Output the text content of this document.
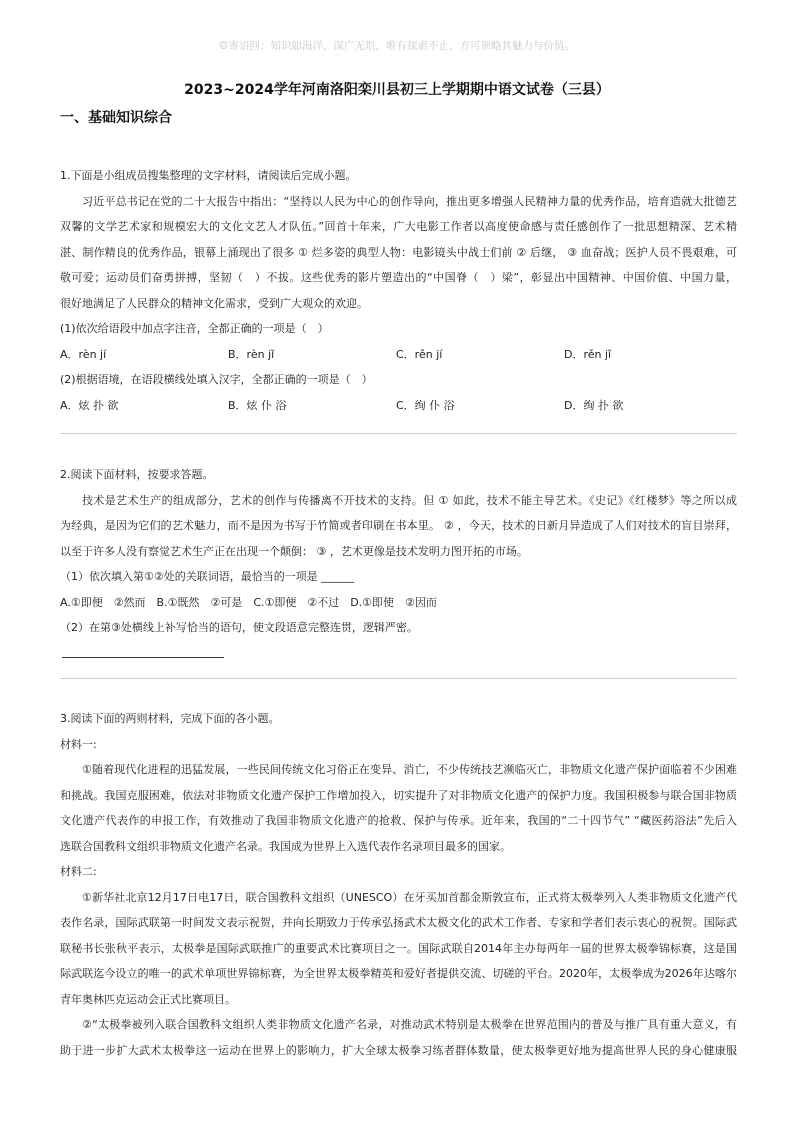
☺寄语回：知识如海洋，深广无垠，唯有探索不止，方可领略其魅力与价值。
2023~2024学年河南洛阳栾川县初三上学期期中语文试卷（三县）
一、基础知识综合
1.下面是小组成员搜集整理的文字材料，请阅读后完成小题。
习近平总书记在党的二十大报告中指出：“坚持以人民为中心的创作导向，推出更多增强人民精神力量的优秀作品，培育造就大批德艺
双馨的文学艺术家和规模宏大的文化文艺人才队伍。”回首十年来，广大电影工作者以高度使命感与责任感创作了一批思想精深、艺术精
湛、制作精良的优秀作品，银幕上涌现出了很多 ① 烂多姿的典型人物：电影镜头中战士们前 ② 后继， ③ 血奋战；医护人员不畏艰难，可
敬可爱；运动员们奋勇拼搏，坚韧（　）不拔。这些优秀的影片塑造出的“中国脊（　）梁”，彰显出中国精神、中国价值、中国力量，
很好地满足了人民群众的精神文化需求，受到广大观众的欢迎。
(1)依次给语段中加点字注音，全都正确的一项是（　）
A．rèn jí	B．rèn jǐ	C．rěn jí	D．rěn jǐ
(2)根据语境，在语段横线处填入汉字，全都正确的一项是（　）
A．炫 扑 欲	B．炫 仆 浴	C．绚 仆 浴	D．绚 扑 欲
2.阅读下面材料，按要求答题。
技术是艺术生产的组成部分，艺术的创作与传播离不开技术的支持。但 ① 如此，技术不能主导艺术。《史记》《红楼梦》等之所以成
为经典，是因为它们的艺术魅力，而不是因为书写于竹简或者印刷在书本里。 ② ，今天，技术的日新月异造成了人们对技术的盲目崇拜，
以至于许多人没有察觉艺术生产正在出现一个颠倒： ③ ，艺术更像是技术发明力图开拓的市场。
（1）依次填入第①②处的关联词语，最恰当的一项是 ______
A.①即便　②然而　B.①既然　②可是　C.①即便　②不过　D.①即使　②因而
（2）在第③处横线上补写恰当的语句，使文段语意完整连贯，逻辑严密。
3.阅读下面的两则材料，完成下面的各小题。
材料一:
①随着现代化进程的迅猛发展，一些民间传统文化习俗正在变异、消亡，不少传统技艺濒临灭亡，非物质文化遗产保护面临着不少困难
和挑战。我国克服困难，依法对非物质文化遗产保护工作增加投入，切实提升了对非物质文化遗产的保护力度。我国积极参与联合国非物质
文化遗产代表作的申报工作，有效推动了我国非物质文化遗产的抢救、保护与传承。近年来，我国的“二十四节气” “藏医药浴法”先后入
选联合国教科文组织非物质文化遗产名录。我国成为世界上入选代表作名录项目最多的国家。
材料二:
①新华社北京12月17日电17日，联合国教科文组织（UNESCO）在牙买加首都金斯敦宣布，正式将太极拳列入人类非物质文化遗产代
表作名录，国际武联第一时间发文表示祝贺，并向长期致力于传承弘扬武术太极文化的武术工作者、专家和学者们表示衷心的祝贺。国际武
联秘书长张秋平表示，太极拳是国际武联推广的重要武术比赛项目之一。国际武联自2014年主办每两年一届的世界太极拳锦标赛，这是国
际武联迄今设立的唯一的武术单项世界锦标赛，为全世界太极拳精英和爱好者提供交流、切磋的平台。2020年，太极拳成为2026年达喀尔
青年奥林匹克运动会正式比赛项目。
②“太极拳被列入联合国教科文组织人类非物质文化遗产名录，对推动武术特别是太极拳在世界范围内的普及与推广具有重大意义，有
助于进一步扩大武术太极拳这一运动在世界上的影响力，扩大全球太极拳习练者群体数量，使太极拳更好地为提高世界人民的身心健康服
